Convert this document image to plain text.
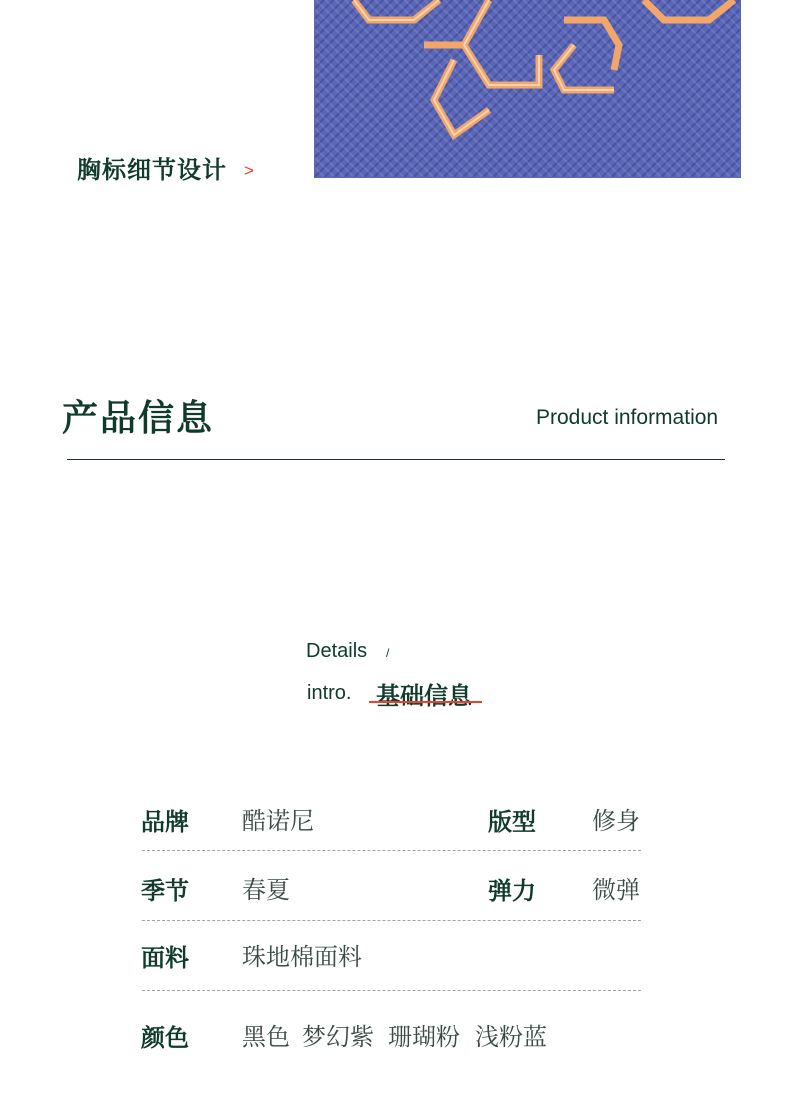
胸标细节设计 >
产品信息	Product information
Details /
intro. 基础信息
品牌 酷诺尼	版型 修身
季节 春夏	弹力 微弹
面料 珠地棉面料
颜色 黑色 梦幻紫 珊瑚粉 浅粉蓝
